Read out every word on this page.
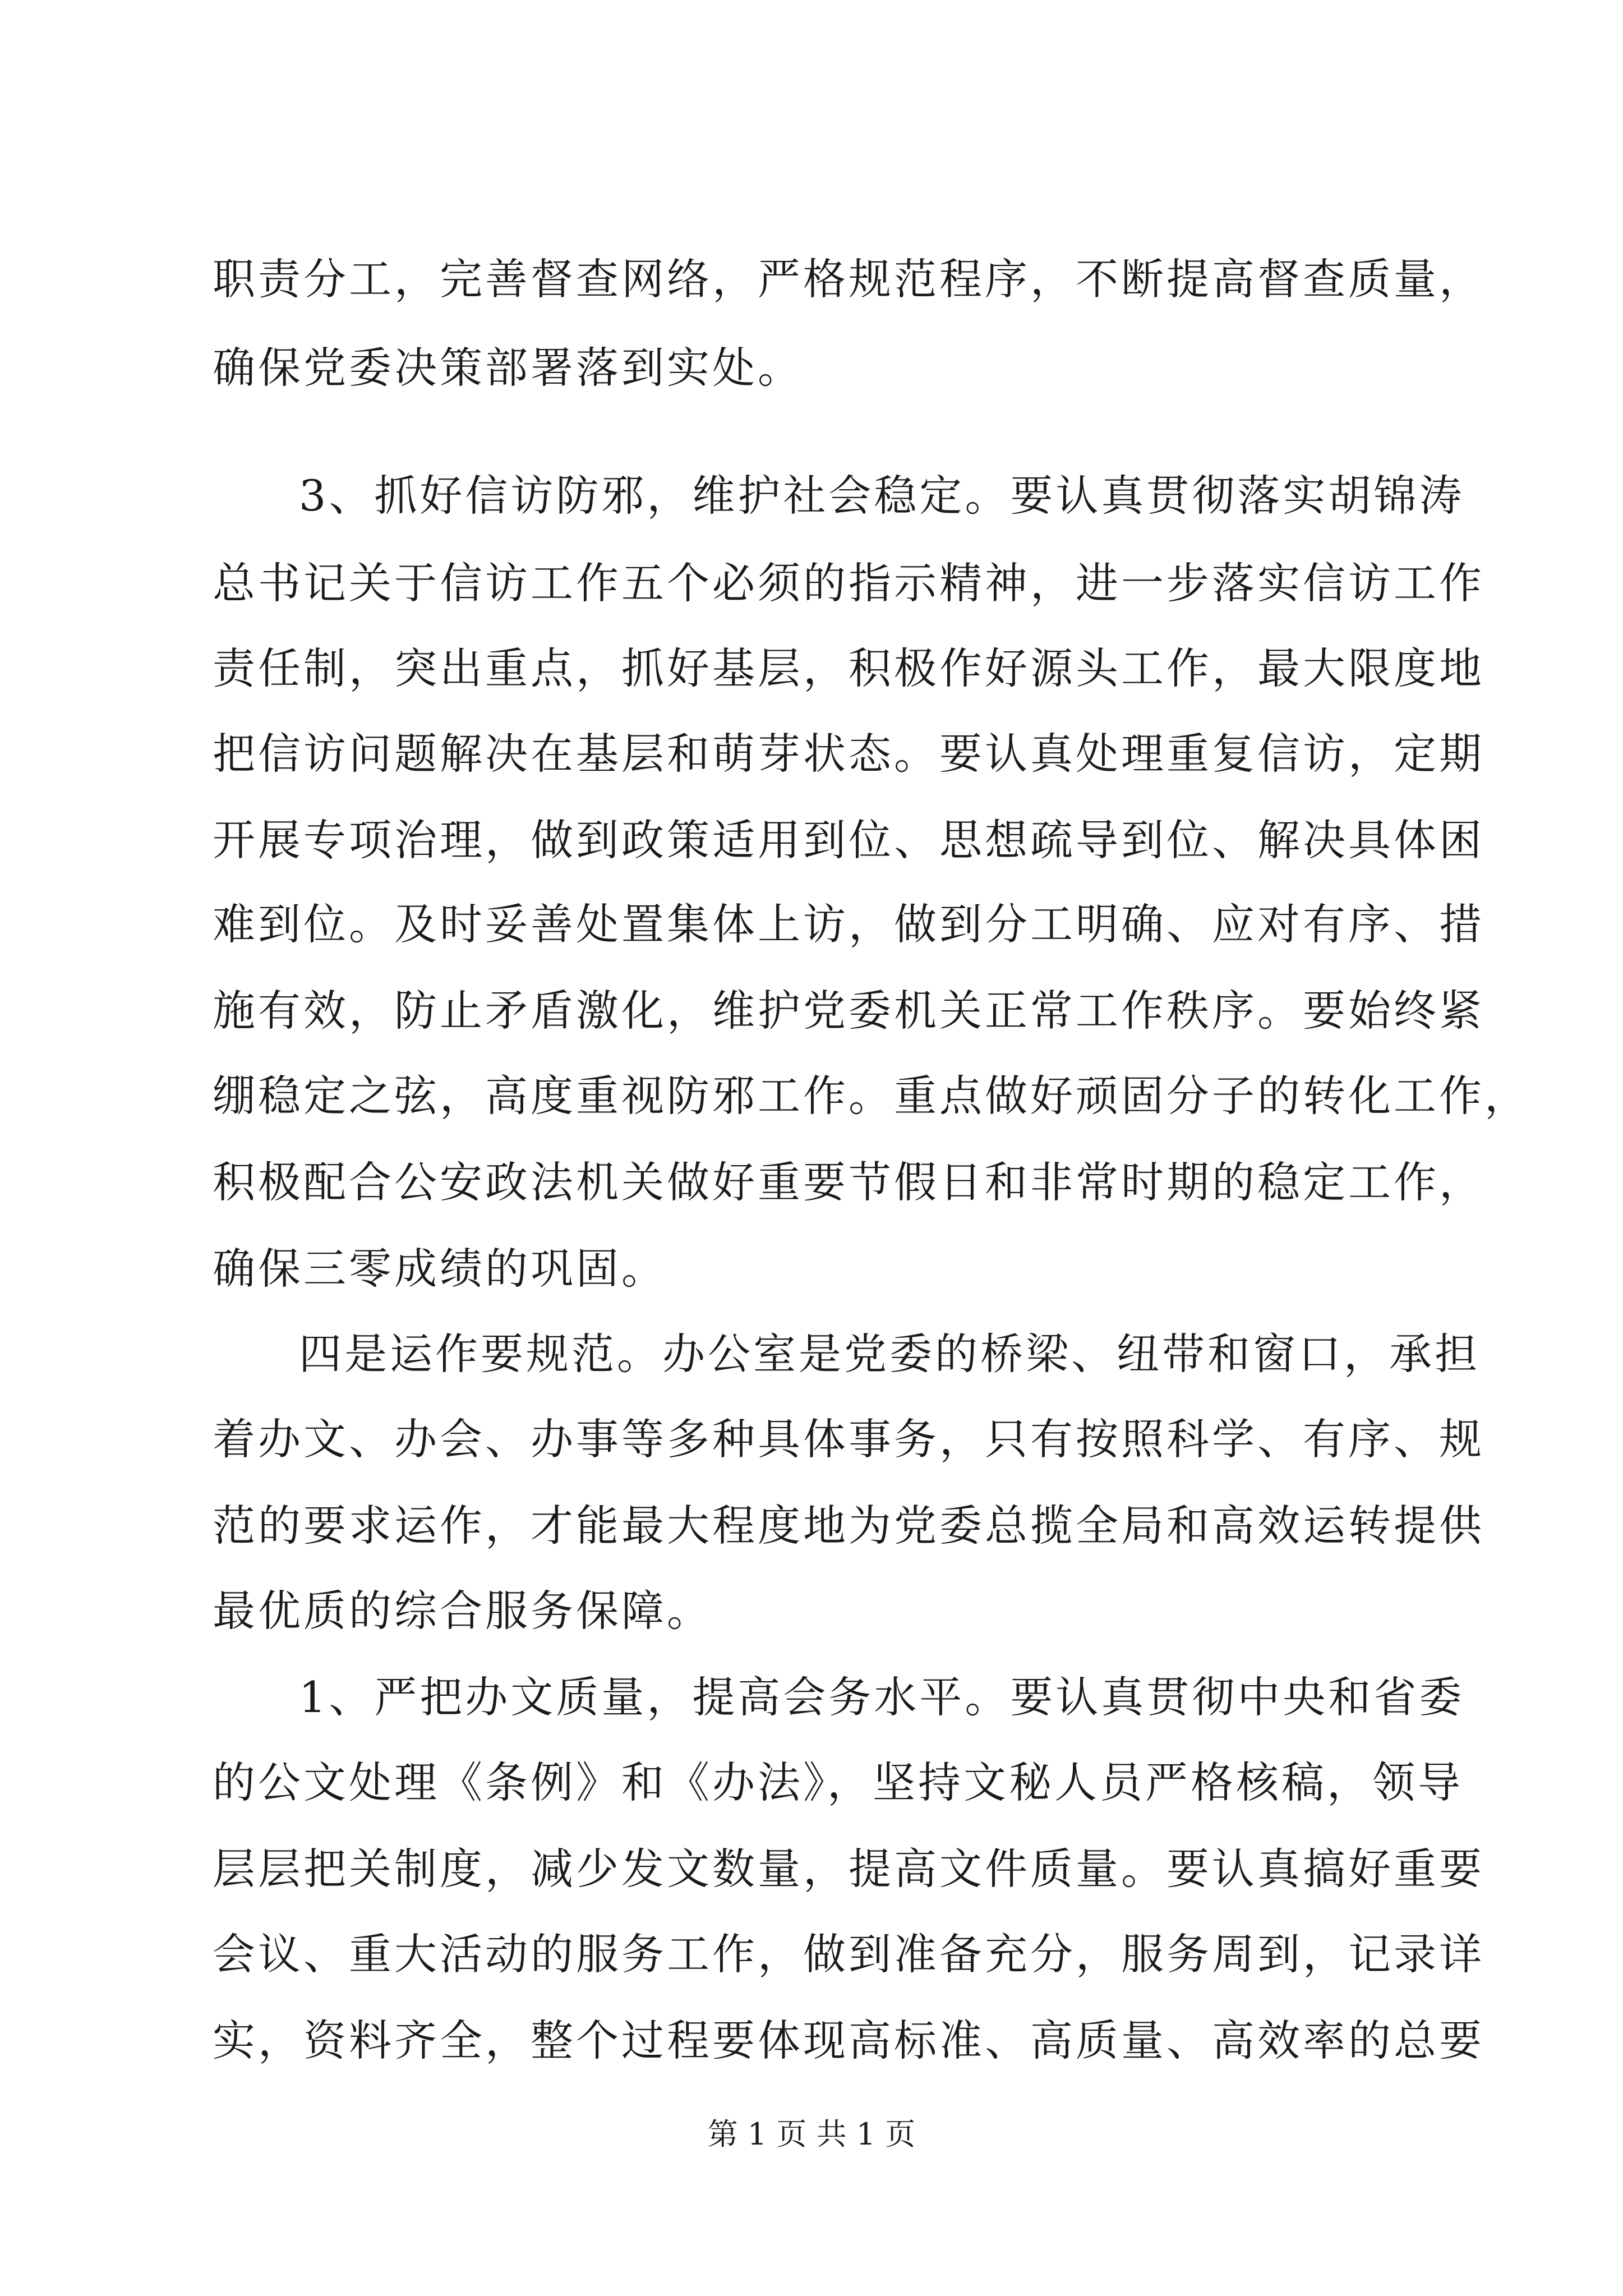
职责分工，完善督查网络，严格规范程序，不断提高督查质量，
确保党委决策部署落到实处。
3、抓好信访防邪，维护社会稳定。要认真贯彻落实胡锦涛
总书记关于信访工作五个必须的指示精神，进一步落实信访工作
责任制，突出重点，抓好基层，积极作好源头工作，最大限度地
把信访问题解决在基层和萌芽状态。要认真处理重复信访，定期
开展专项治理，做到政策适用到位、思想疏导到位、解决具体困
难到位。及时妥善处置集体上访，做到分工明确、应对有序、措
施有效，防止矛盾激化，维护党委机关正常工作秩序。要始终紧
绷稳定之弦，高度重视防邪工作。重点做好顽固分子的转化工作，
积极配合公安政法机关做好重要节假日和非常时期的稳定工作，
确保三零成绩的巩固。
四是运作要规范。办公室是党委的桥梁、纽带和窗口，承担
着办文、办会、办事等多种具体事务，只有按照科学、有序、规
范的要求运作，才能最大程度地为党委总揽全局和高效运转提供
最优质的综合服务保障。
1、严把办文质量，提高会务水平。要认真贯彻中央和省委
的公文处理《条例》和《办法》，坚持文秘人员严格核稿，领导
层层把关制度，减少发文数量，提高文件质量。要认真搞好重要
会议、重大活动的服务工作，做到准备充分，服务周到，记录详
实，资料齐全，整个过程要体现高标准、高质量、高效率的总要
第 1 页 共 1 页
